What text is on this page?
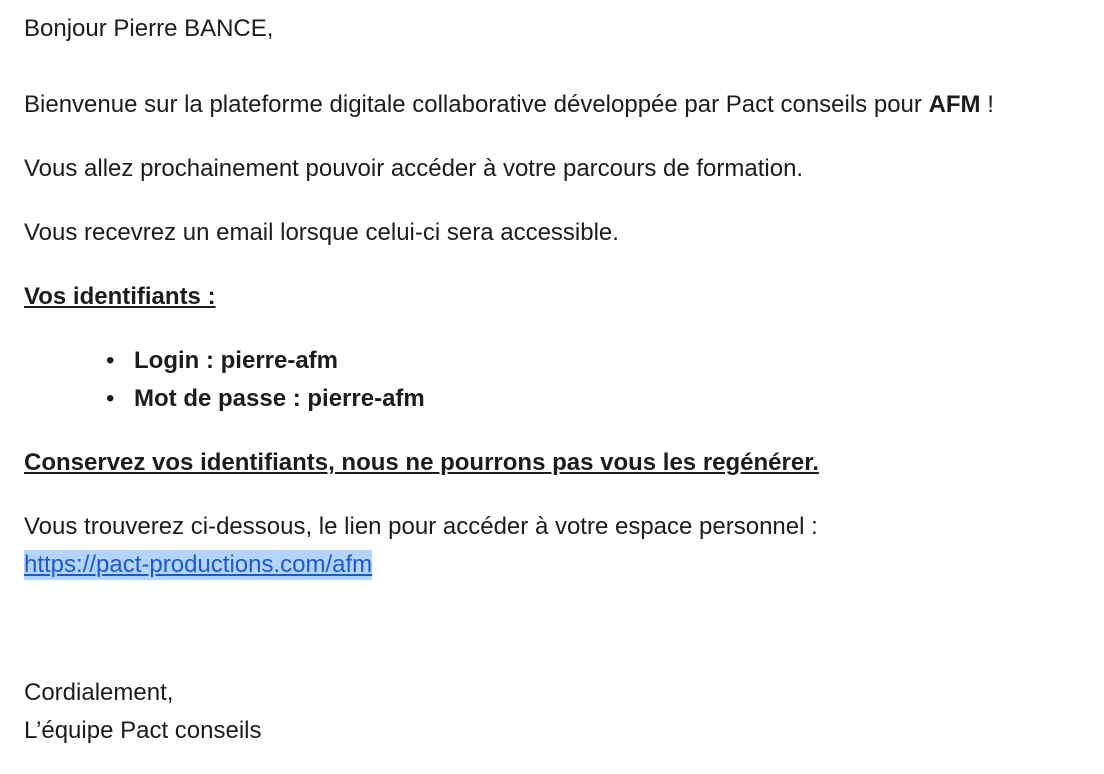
Bonjour Pierre BANCE,
Bienvenue sur la plateforme digitale collaborative développée par Pact conseils pour AFM !
Vous allez prochainement pouvoir accéder à votre parcours de formation.
Vous recevrez un email lorsque celui-ci sera accessible.
Vos identifiants :
• Login : pierre-afm
• Mot de passe : pierre-afm
Conservez vos identifiants, nous ne pourrons pas vous les regénérer.
Vous trouverez ci-dessous, le lien pour accéder à votre espace personnel :
https://pact-productions.com/afm
Cordialement,
L’équipe Pact conseils
